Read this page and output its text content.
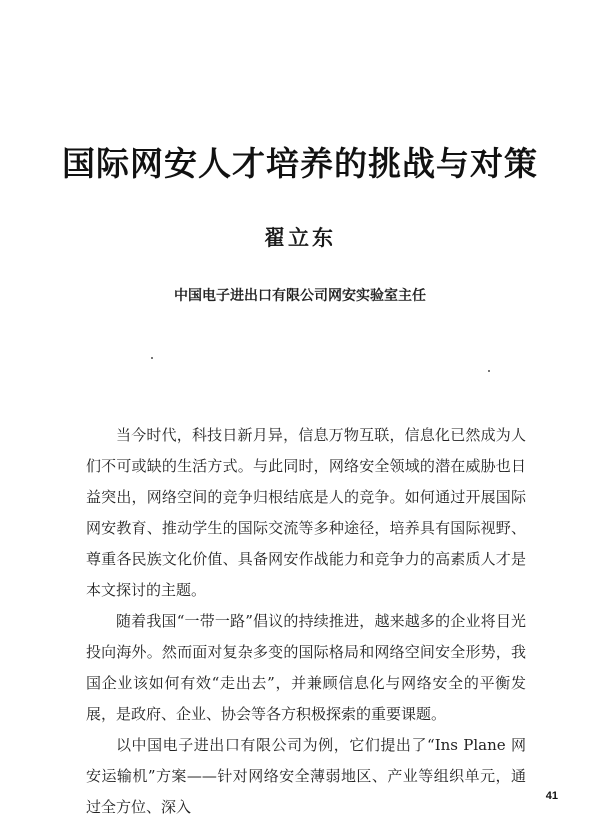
国际网安人才培养的挑战与对策
翟立东
中国电子进出口有限公司网安实验室主任

当今时代，科技日新月异，信息万物互联，信息化已然成为人们不可或缺的生活方式。与此同时，网络安全领域的潜在威胁也日益突出，网络空间的竞争归根结底是人的竞争。如何通过开展国际网安教育、推动学生的国际交流等多种途径，培养具有国际视野、尊重各民族文化价值、具备网安作战能力和竞争力的高素质人才是本文探讨的主题。

随着我国“一带一路”倡议的持续推进，越来越多的企业将目光投向海外。然而面对复杂多变的国际格局和网络空间安全形势，我国企业该如何有效“走出去”，并兼顾信息化与网络安全的平衡发展，是政府、企业、协会等各方积极探索的重要课题。

以中国电子进出口有限公司为例，它们提出了“Ins Plane 网安运输机”方案——针对网络安全薄弱地区、产业等组织单元，通过全方位、深入

41
